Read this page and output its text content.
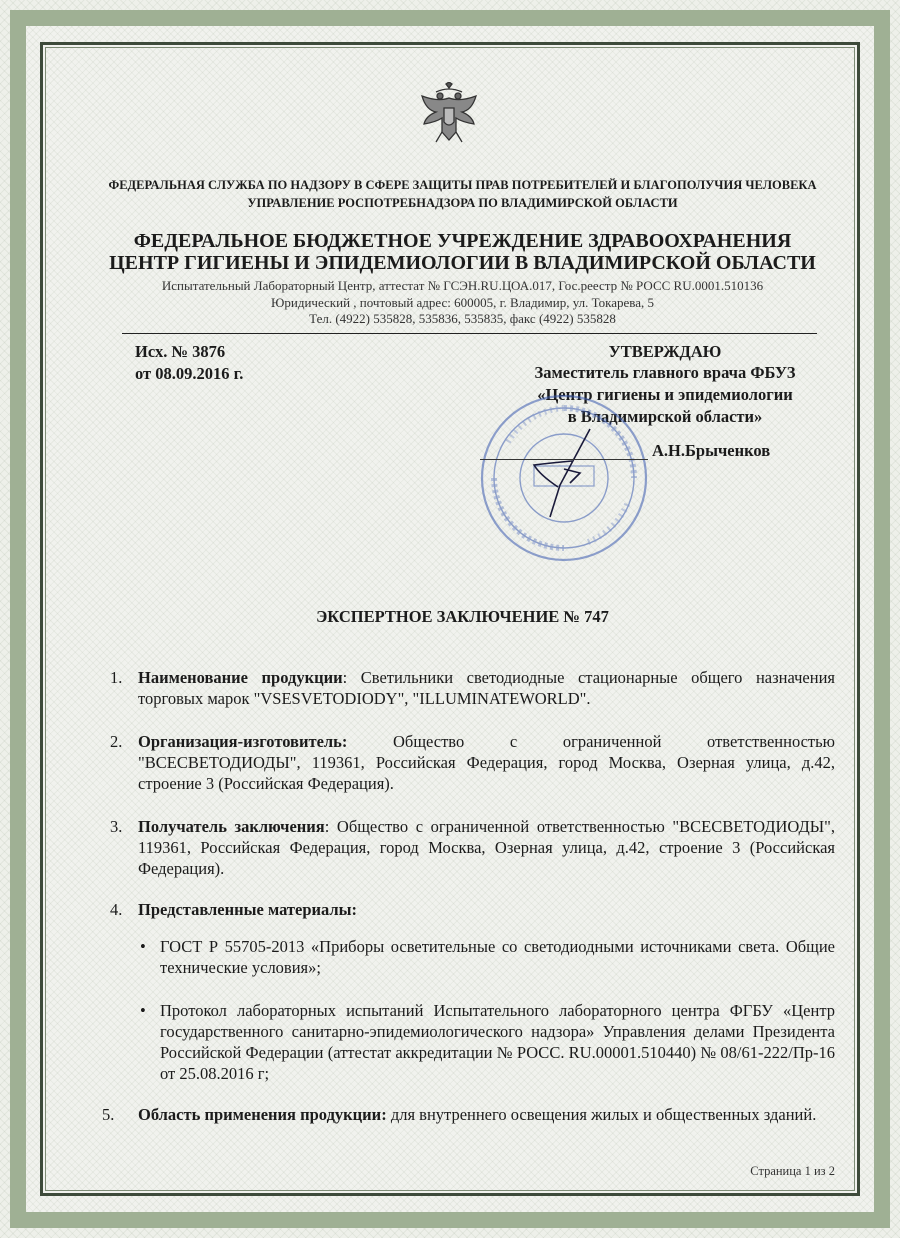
ФЕДЕРАЛЬНАЯ СЛУЖБА ПО НАДЗОРУ В СФЕРЕ ЗАЩИТЫ ПРАВ ПОТРЕБИТЕЛЕЙ И БЛАГОПОЛУЧИЯ ЧЕЛОВЕКА
УПРАВЛЕНИЕ РОСПОТРЕБНАДЗОРА ПО ВЛАДИМИРСКОЙ ОБЛАСТИ
ФЕДЕРАЛЬНОЕ БЮДЖЕТНОЕ УЧРЕЖДЕНИЕ ЗДРАВООХРАНЕНИЯ
ЦЕНТР ГИГИЕНЫ И ЭПИДЕМИОЛОГИИ В ВЛАДИМИРСКОЙ ОБЛАСТИ
Испытательный Лабораторный Центр, аттестат № ГСЭН.RU.ЦОА.017, Гос.реестр № РОСС RU.0001.510136
Юридический , почтовый адрес: 600005, г. Владимир, ул. Токарева, 5
Тел. (4922) 535828, 535836, 535835, факс (4922) 535828
Исх. № 3876
от 08.09.2016 г.
УТВЕРЖДАЮ
Заместитель главного врача ФБУЗ
«Центр гигиены и эпидемиологии
в Владимирской области»
А.Н.Брыченков
ЭКСПЕРТНОЕ ЗАКЛЮЧЕНИЕ № 747
1. Наименование продукции: Светильники светодиодные стационарные общего назначения торговых марок "VSESVETODIODY", "ILLUMINATEWORLD".
2. Организация-изготовитель: Общество с ограниченной ответственностью "ВСЕСВЕТОДИОДЫ", 119361, Российская Федерация, город Москва, Озерная улица, д.42, строение 3 (Российская Федерация).
3. Получатель заключения: Общество с ограниченной ответственностью "ВСЕСВЕТОДИОДЫ", 119361, Российская Федерация, город Москва, Озерная улица, д.42, строение 3 (Российская Федерация).
4. Представленные материалы:
• ГОСТ Р 55705-2013 «Приборы осветительные со светодиодными источниками света. Общие технические условия»;
• Протокол лабораторных испытаний Испытательного лабораторного центра ФГБУ «Центр государственного санитарно-эпидемиологического надзора» Управления делами Президента Российской Федерации (аттестат аккредитации № РОСС. RU.00001.510440) № 08/61-222/Пр-16 от 25.08.2016 г;
5. Область применения продукции: для внутреннего освещения жилых и общественных зданий.
Страница 1 из 2
